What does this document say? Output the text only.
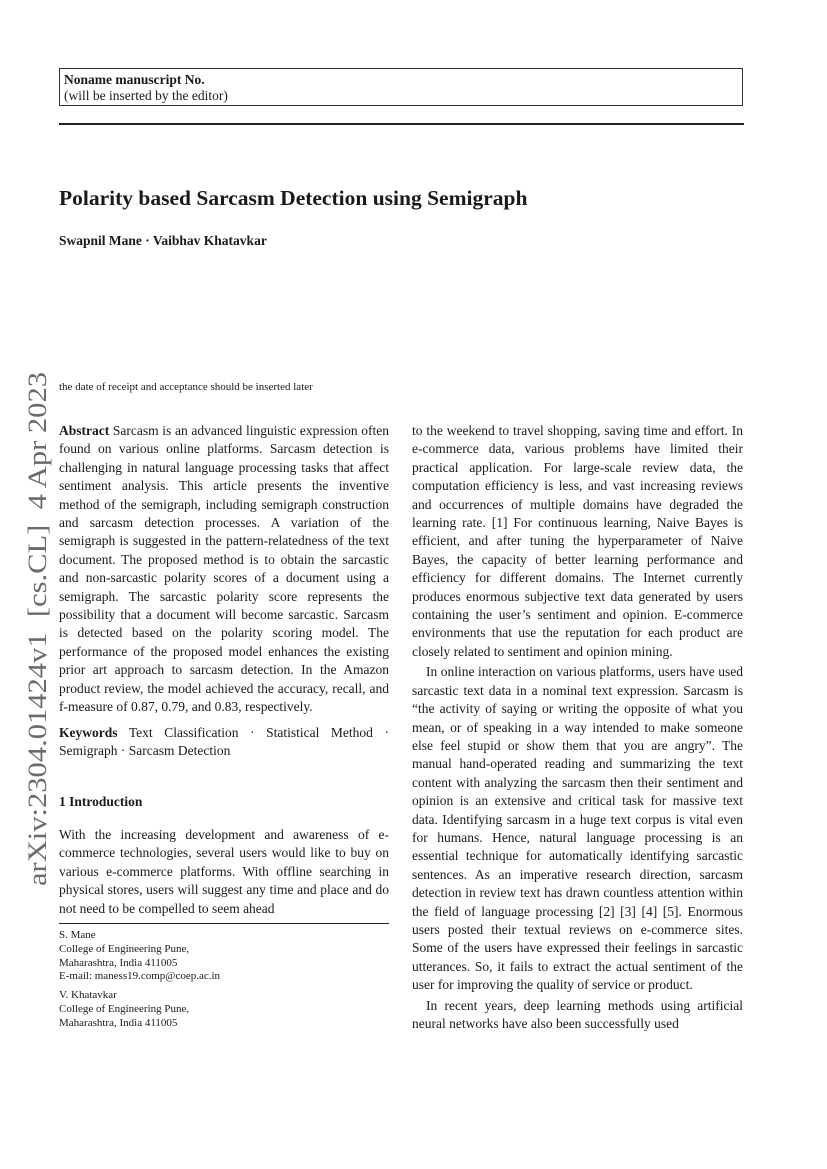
Noname manuscript No.
(will be inserted by the editor)
Polarity based Sarcasm Detection using Semigraph
Swapnil Mane · Vaibhav Khatavkar
arXiv:2304.01424v1  [cs.CL]  4 Apr 2023
the date of receipt and acceptance should be inserted later

Abstract Sarcasm is an advanced linguistic expression often found on various online platforms. Sarcasm detection is challenging in natural language processing tasks that affect sentiment analysis. This article presents the inventive method of the semigraph, including semigraph construction and sarcasm detection processes. A variation of the semigraph is suggested in the pattern-relatedness of the text document. The proposed method is to obtain the sarcastic and non-sarcastic polarity scores of a document using a semigraph. The sarcastic polarity score represents the possibility that a document will become sarcastic. Sarcasm is detected based on the polarity scoring model. The performance of the proposed model enhances the existing prior art approach to sarcasm detection. In the Amazon product review, the model achieved the accuracy, recall, and f-measure of 0.87, 0.79, and 0.83, respectively.

Keywords Text Classification · Statistical Method · Semigraph · Sarcasm Detection

1 Introduction

With the increasing development and awareness of e-commerce technologies, several users would like to buy on various e-commerce platforms. With offline searching in physical stores, users will suggest any time and place and do not need to be compelled to seem ahead

S. Mane
College of Engineering Pune,
Maharashtra, India 411005
E-mail: maness19.comp@coep.ac.in
V. Khatavkar
College of Engineering Pune,
Maharashtra, India 411005

to the weekend to travel shopping, saving time and effort. In e-commerce data, various problems have limited their practical application. For large-scale review data, the computation efficiency is less, and vast increasing reviews and occurrences of multiple domains have degraded the learning rate. [1] For continuous learning, Naive Bayes is efficient, and after tuning the hyperparameter of Naive Bayes, the capacity of better learning performance and efficiency for different domains. The Internet currently produces enormous subjective text data generated by users containing the user’s sentiment and opinion. E-commerce environments that use the reputation for each product are closely related to sentiment and opinion mining.

In online interaction on various platforms, users have used sarcastic text data in a nominal text expression. Sarcasm is “the activity of saying or writing the opposite of what you mean, or of speaking in a way intended to make someone else feel stupid or show them that you are angry”. The manual hand-operated reading and summarizing the text content with analyzing the sarcasm then their sentiment and opinion is an extensive and critical task for massive text data. Identifying sarcasm in a huge text corpus is vital even for humans. Hence, natural language processing is an essential technique for automatically identifying sarcastic sentences. As an imperative research direction, sarcasm detection in review text has drawn countless attention within the field of language processing [2] [3] [4] [5]. Enormous users posted their textual reviews on e-commerce sites. Some of the users have expressed their feelings in sarcastic utterances. So, it fails to extract the actual sentiment of the user for improving the quality of service or product.

In recent years, deep learning methods using artificial neural networks have also been successfully used
